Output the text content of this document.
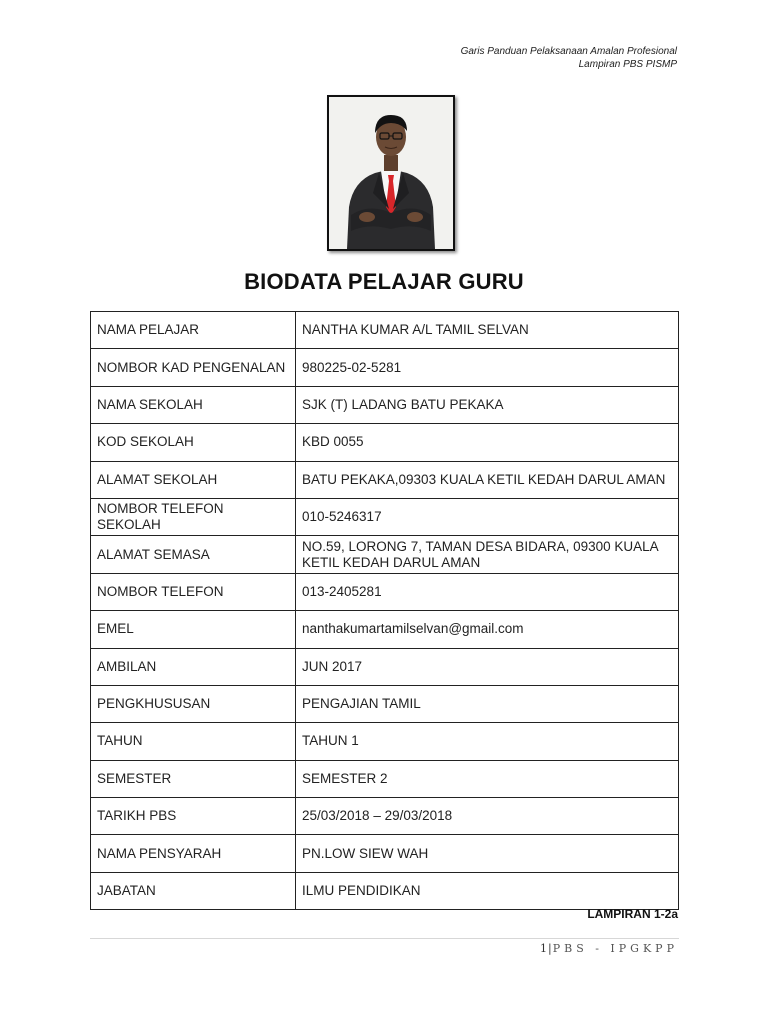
Garis Panduan Pelaksanaan Amalan Profesional
Lampiran PBS PISMP
BIODATA PELAJAR GURU
NAMA PELAJAR	NANTHA KUMAR A/L TAMIL SELVAN
NOMBOR KAD PENGENALAN	980225-02-5281
NAMA SEKOLAH	SJK (T) LADANG BATU PEKAKA
KOD SEKOLAH	KBD 0055
ALAMAT SEKOLAH	BATU PEKAKA,09303 KUALA KETIL KEDAH DARUL AMAN
NOMBOR TELEFON SEKOLAH	010-5246317
ALAMAT SEMASA	NO.59, LORONG 7, TAMAN DESA BIDARA, 09300 KUALA KETIL KEDAH DARUL AMAN
NOMBOR TELEFON	013-2405281
EMEL	nanthakumartamilselvan@gmail.com
AMBILAN	JUN 2017
PENGKHUSUSAN	PENGAJIAN TAMIL
TAHUN	TAHUN 1
SEMESTER	SEMESTER 2
TARIKH PBS	25/03/2018 – 29/03/2018
NAMA PENSYARAH	PN.LOW SIEW WAH
JABATAN	ILMU PENDIDIKAN
LAMPIRAN 1-2a
1|PBS - IPGKPP
